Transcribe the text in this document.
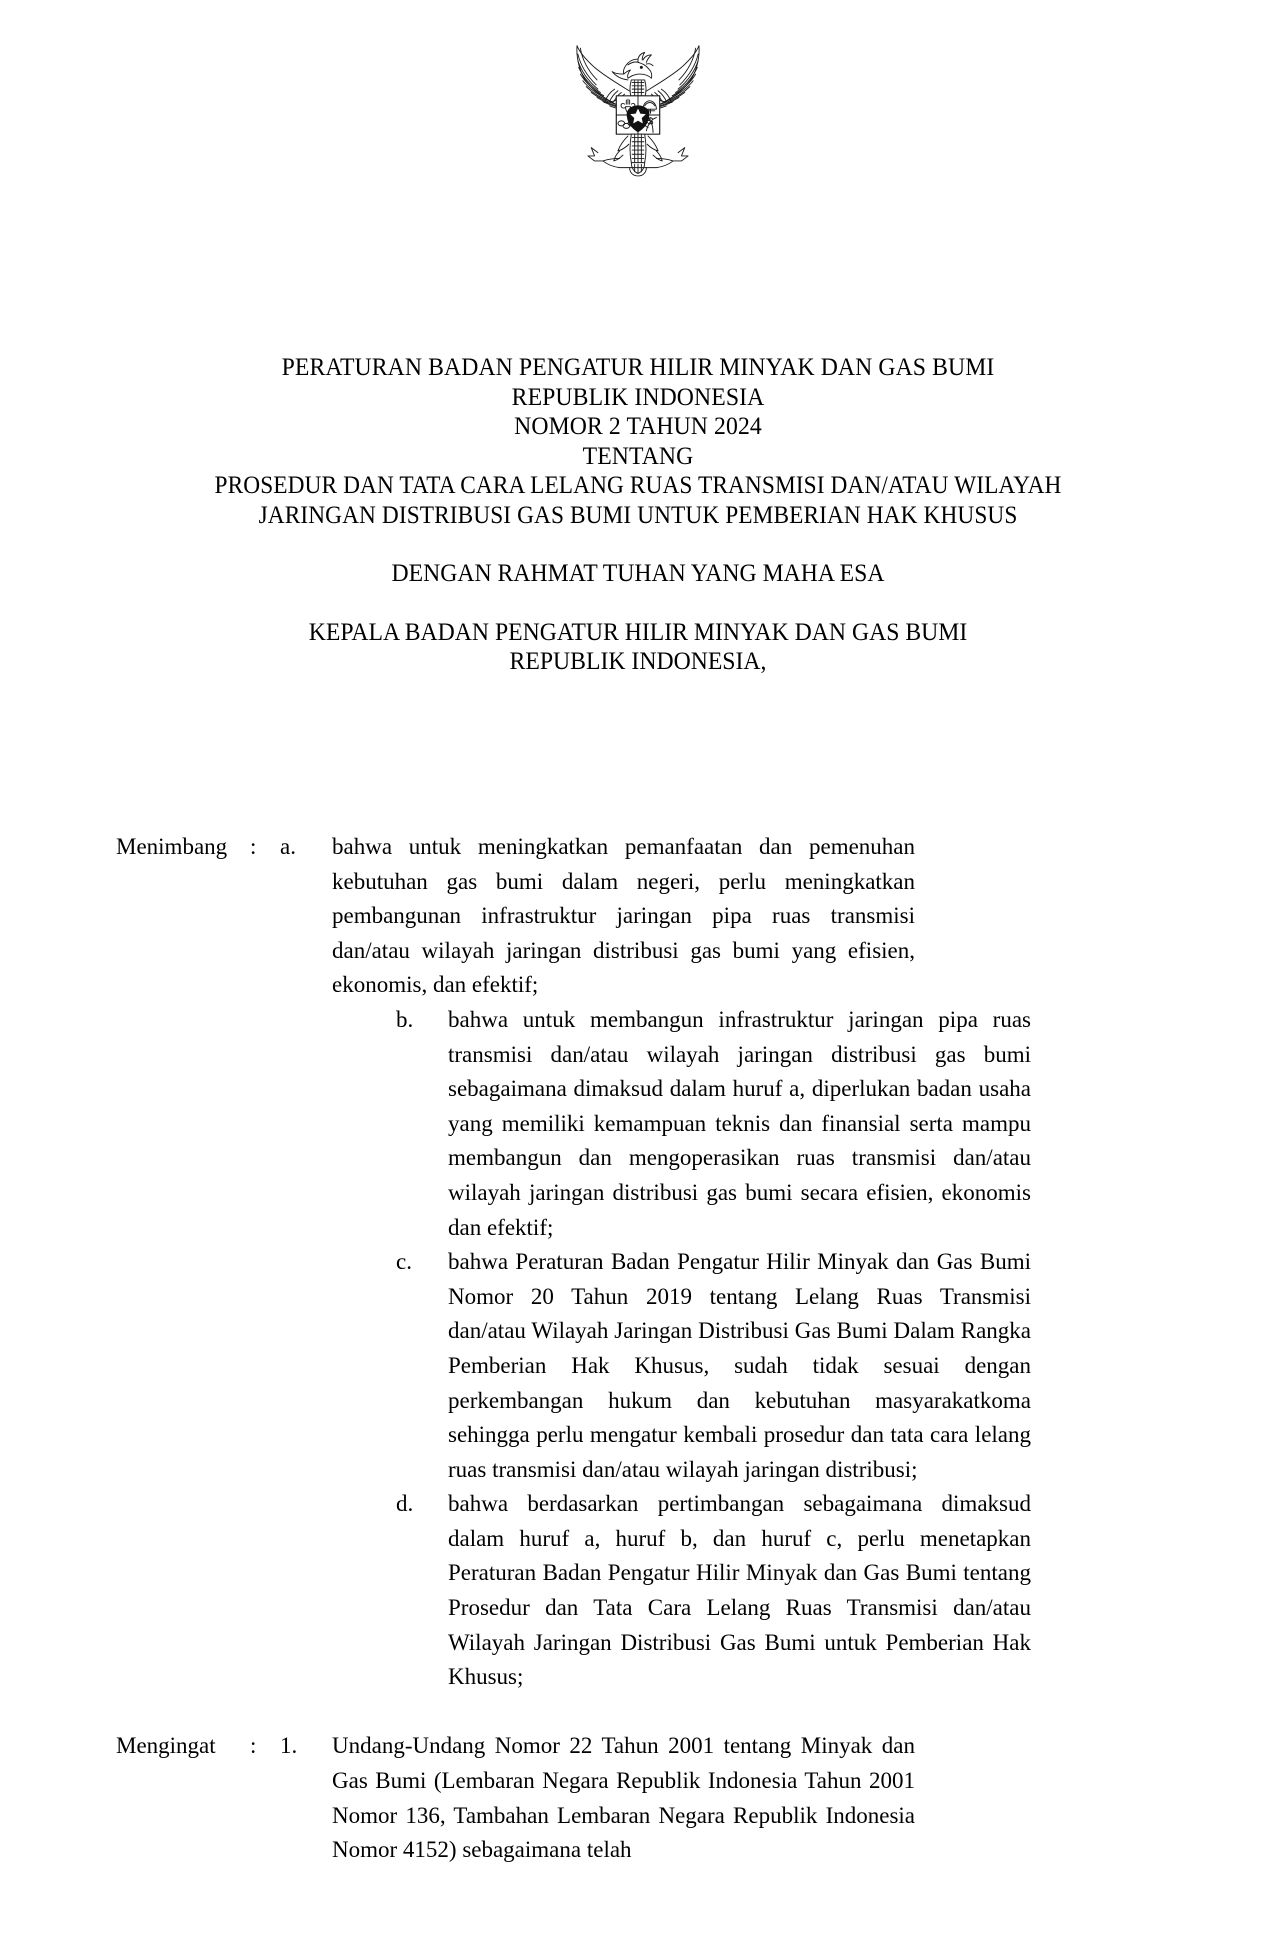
PERATURAN BADAN PENGATUR HILIR MINYAK DAN GAS BUMI
REPUBLIK INDONESIA
NOMOR 2 TAHUN 2024
TENTANG
PROSEDUR DAN TATA CARA LELANG RUAS TRANSMISI DAN/ATAU WILAYAH
JARINGAN DISTRIBUSI GAS BUMI UNTUK PEMBERIAN HAK KHUSUS
DENGAN RAHMAT TUHAN YANG MAHA ESA
KEPALA BADAN PENGATUR HILIR MINYAK DAN GAS BUMI
REPUBLIK INDONESIA,
Menimbang :	a.	bahwa untuk meningkatkan pemanfaatan dan pemenuhan kebutuhan gas bumi dalam negeri, perlu meningkatkan pembangunan infrastruktur jaringan pipa ruas transmisi dan/atau wilayah jaringan distribusi gas bumi yang efisien, ekonomis, dan efektif;
b.	bahwa untuk membangun infrastruktur jaringan pipa ruas transmisi dan/atau wilayah jaringan distribusi gas bumi sebagaimana dimaksud dalam huruf a, diperlukan badan usaha yang memiliki kemampuan teknis dan finansial serta mampu membangun dan mengoperasikan ruas transmisi dan/atau wilayah jaringan distribusi gas bumi secara efisien, ekonomis dan efektif;
c.	bahwa Peraturan Badan Pengatur Hilir Minyak dan Gas Bumi Nomor 20 Tahun 2019 tentang Lelang Ruas Transmisi dan/atau Wilayah Jaringan Distribusi Gas Bumi Dalam Rangka Pemberian Hak Khusus, sudah tidak sesuai dengan perkembangan hukum dan kebutuhan masyarakatkoma sehingga perlu mengatur kembali prosedur dan tata cara lelang ruas transmisi dan/atau wilayah jaringan distribusi;
d.	bahwa berdasarkan pertimbangan sebagaimana dimaksud dalam huruf a, huruf b, dan huruf c, perlu menetapkan Peraturan Badan Pengatur Hilir Minyak dan Gas Bumi tentang Prosedur dan Tata Cara Lelang Ruas Transmisi dan/atau Wilayah Jaringan Distribusi Gas Bumi untuk Pemberian Hak Khusus;
Mengingat	:	1.	Undang-Undang Nomor 22 Tahun 2001 tentang Minyak dan Gas Bumi (Lembaran Negara Republik Indonesia Tahun 2001 Nomor 136, Tambahan Lembaran Negara Republik Indonesia Nomor 4152) sebagaimana telah
